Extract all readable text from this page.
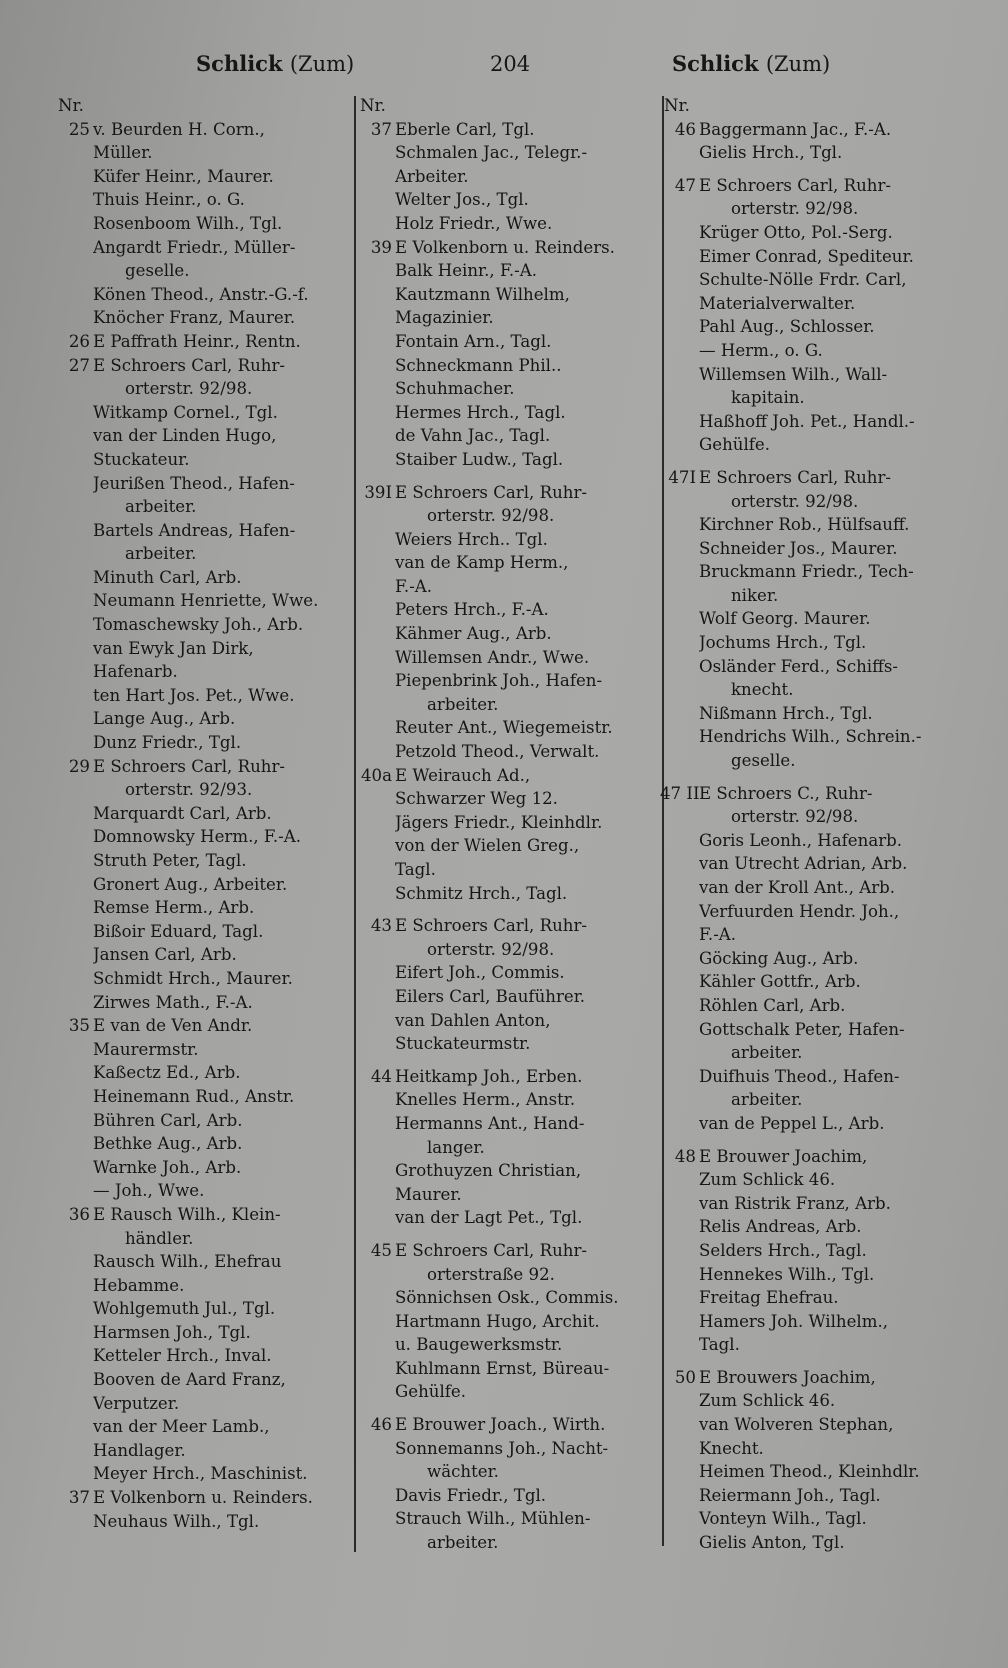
Schlick (Zum)	204	Schlick (Zum)
Nr.
25 v. Beurden H. Corn.,
Müller.
Küfer Heinr., Maurer.
Thuis Heinr., o. G.
Rosenboom Wilh., Tgl.
Angardt Friedr., Müller-
geselle.
Könen Theod., Anstr.-G.-f.
Knöcher Franz, Maurer.
26 E Paffrath Heinr., Rentn.
27 E Schroers Carl, Ruhr-
orterstr. 92/98.
Witkamp Cornel., Tgl.
van der Linden Hugo,
Stuckateur.
Jeurißen Theod., Hafen-
arbeiter.
Bartels Andreas, Hafen-
arbeiter.
Minuth Carl, Arb.
Neumann Henriette, Wwe.
Tomaschewsky Joh., Arb.
van Ewyk Jan Dirk,
Hafenarb.
ten Hart Jos. Pet., Wwe.
Lange Aug., Arb.
Dunz Friedr., Tgl.
29 E Schroers Carl, Ruhr-
orterstr. 92/93.
Marquardt Carl, Arb.
Domnowsky Herm., F.-A.
Struth Peter, Tagl.
Gronert Aug., Arbeiter.
Remse Herm., Arb.
Bißoir Eduard, Tagl.
Jansen Carl, Arb.
Schmidt Hrch., Maurer.
Zirwes Math., F.-A.
35 E van de Ven Andr.
Maurermstr.
Kaßectz Ed., Arb.
Heinemann Rud., Anstr.
Bühren Carl, Arb.
Bethke Aug., Arb.
Warnke Joh., Arb.
— Joh., Wwe.
36 E Rausch Wilh., Klein-
händler.
Rausch Wilh., Ehefrau
Hebamme.
Wohlgemuth Jul., Tgl.
Harmsen Joh., Tgl.
Ketteler Hrch., Inval.
Booven de Aard Franz,
Verputzer.
van der Meer Lamb.,
Handlager.
Meyer Hrch., Maschinist.
37 E Volkenborn u. Reinders.
Neuhaus Wilh., Tgl.
Nr.
37 Eberle Carl, Tgl.
Schmalen Jac., Telegr.-
Arbeiter.
Welter Jos., Tgl.
Holz Friedr., Wwe.
39 E Volkenborn u. Reinders.
Balk Heinr., F.-A.
Kautzmann Wilhelm,
Magazinier.
Fontain Arn., Tagl.
Schneckmann Phil..
Schuhmacher.
Hermes Hrch., Tagl.
de Vahn Jac., Tagl.
Staiber Ludw., Tagl.
39I E Schroers Carl, Ruhr-
orterstr. 92/98.
Weiers Hrch.. Tgl.
van de Kamp Herm.,
F.-A.
Peters Hrch., F.-A.
Kähmer Aug., Arb.
Willemsen Andr., Wwe.
Piepenbrink Joh., Hafen-
arbeiter.
Reuter Ant., Wiegemeistr.
Petzold Theod., Verwalt.
40a E Weirauch Ad.,
Schwarzer Weg 12.
Jägers Friedr., Kleinhdlr.
von der Wielen Greg.,
Tagl.
Schmitz Hrch., Tagl.
43 E Schroers Carl, Ruhr-
orterstr. 92/98.
Eifert Joh., Commis.
Eilers Carl, Bauführer.
van Dahlen Anton,
Stuckateurmstr.
44 Heitkamp Joh., Erben.
Knelles Herm., Anstr.
Hermanns Ant., Hand-
langer.
Grothuyzen Christian,
Maurer.
van der Lagt Pet., Tgl.
45 E Schroers Carl, Ruhr-
orterstraße 92.
Sönnichsen Osk., Commis.
Hartmann Hugo, Archit.
u. Baugewerksmstr.
Kuhlmann Ernst, Büreau-
Gehülfe.
46 E Brouwer Joach., Wirth.
Sonnemanns Joh., Nacht-
wächter.
Davis Friedr., Tgl.
Strauch Wilh., Mühlen-
arbeiter.
Nr.
46 Baggermann Jac., F.-A.
Gielis Hrch., Tgl.
47 E Schroers Carl, Ruhr-
orterstr. 92/98.
Krüger Otto, Pol.-Serg.
Eimer Conrad, Spediteur.
Schulte-Nölle Frdr. Carl,
Materialverwalter.
Pahl Aug., Schlosser.
— Herm., o. G.
Willemsen Wilh., Wall-
kapitain.
Haßhoff Joh. Pet., Handl.-
Gehülfe.
47I E Schroers Carl, Ruhr-
orterstr. 92/98.
Kirchner Rob., Hülfsauff.
Schneider Jos., Maurer.
Bruckmann Friedr., Tech-
niker.
Wolf Georg. Maurer.
Jochums Hrch., Tgl.
Osländer Ferd., Schiffs-
knecht.
Nißmann Hrch., Tgl.
Hendrichs Wilh., Schrein.-
geselle.
47 II E Schroers C., Ruhr-
orterstr. 92/98.
Goris Leonh., Hafenarb.
van Utrecht Adrian, Arb.
van der Kroll Ant., Arb.
Verfuurden Hendr. Joh.,
F.-A.
Göcking Aug., Arb.
Kähler Gottfr., Arb.
Röhlen Carl, Arb.
Gottschalk Peter, Hafen-
arbeiter.
Duifhuis Theod., Hafen-
arbeiter.
van de Peppel L., Arb.
48 E Brouwer Joachim,
Zum Schlick 46.
van Ristrik Franz, Arb.
Relis Andreas, Arb.
Selders Hrch., Tagl.
Hennekes Wilh., Tgl.
Freitag Ehefrau.
Hamers Joh. Wilhelm.,
Tagl.
50 E Brouwers Joachim,
Zum Schlick 46.
van Wolveren Stephan,
Knecht.
Heimen Theod., Kleinhdlr.
Reiermann Joh., Tagl.
Vonteyn Wilh., Tagl.
Gielis Anton, Tgl.
